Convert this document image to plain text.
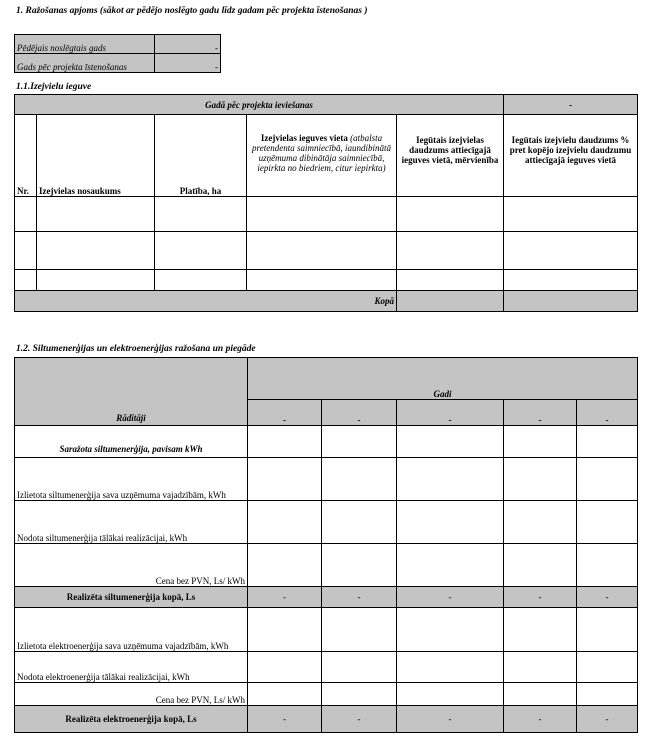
1. Ražošanas apjoms (sākot ar pēdējo noslēgto gadu līdz gadam pēc projekta īstenošanas )
Pēdējais noslēgtais gads	-
Gads pēc projekta īstenošanas	-
1.1.Izejvielu ieguve
Gadā pēc projekta ieviešanas					-
Nr.	Izejvielas nosaukums	Platība, ha	Izejvielas ieguves vieta (atbalsta pretendenta saimniecībā, iaundibinātā uzņēmuma dibinātāja saimniecībā, iepirkta no biedriem, citur iepirkta)	Iegūtais izejvielas daudzums attiecīgajā ieguves vietā, mērvienība	Iegūtais izejvielu daudzums % pret kopējo izejvielu daudzumu attiecīgajā ieguves vietā

Kopā					
1.2. Siltumenerģijas un elektroenerģijas ražošana un piegāde
Rādītāji	Gadi				
	-	-	-	-	-
Saražota siltumenerģija, pavisam kWh					
Izlietota siltumenerģija sava uzņēmuma vajadzībām, kWh					
Nodota siltumenerģija tālākai realizācijai, kWh					
Cena bez PVN, Ls/ kWh					
Realizēta siltumenerģija kopā, Ls	-	-	-	-	-
Izlietota elektroenerģija sava uzņēmuma vajadzībām, kWh					
Nodota elektroenerģija tālākai realizācijai, kWh					
Cena bez PVN, Ls/ kWh					
Realizēta elektroenerģija kopā, Ls	-	-	-	-	-
